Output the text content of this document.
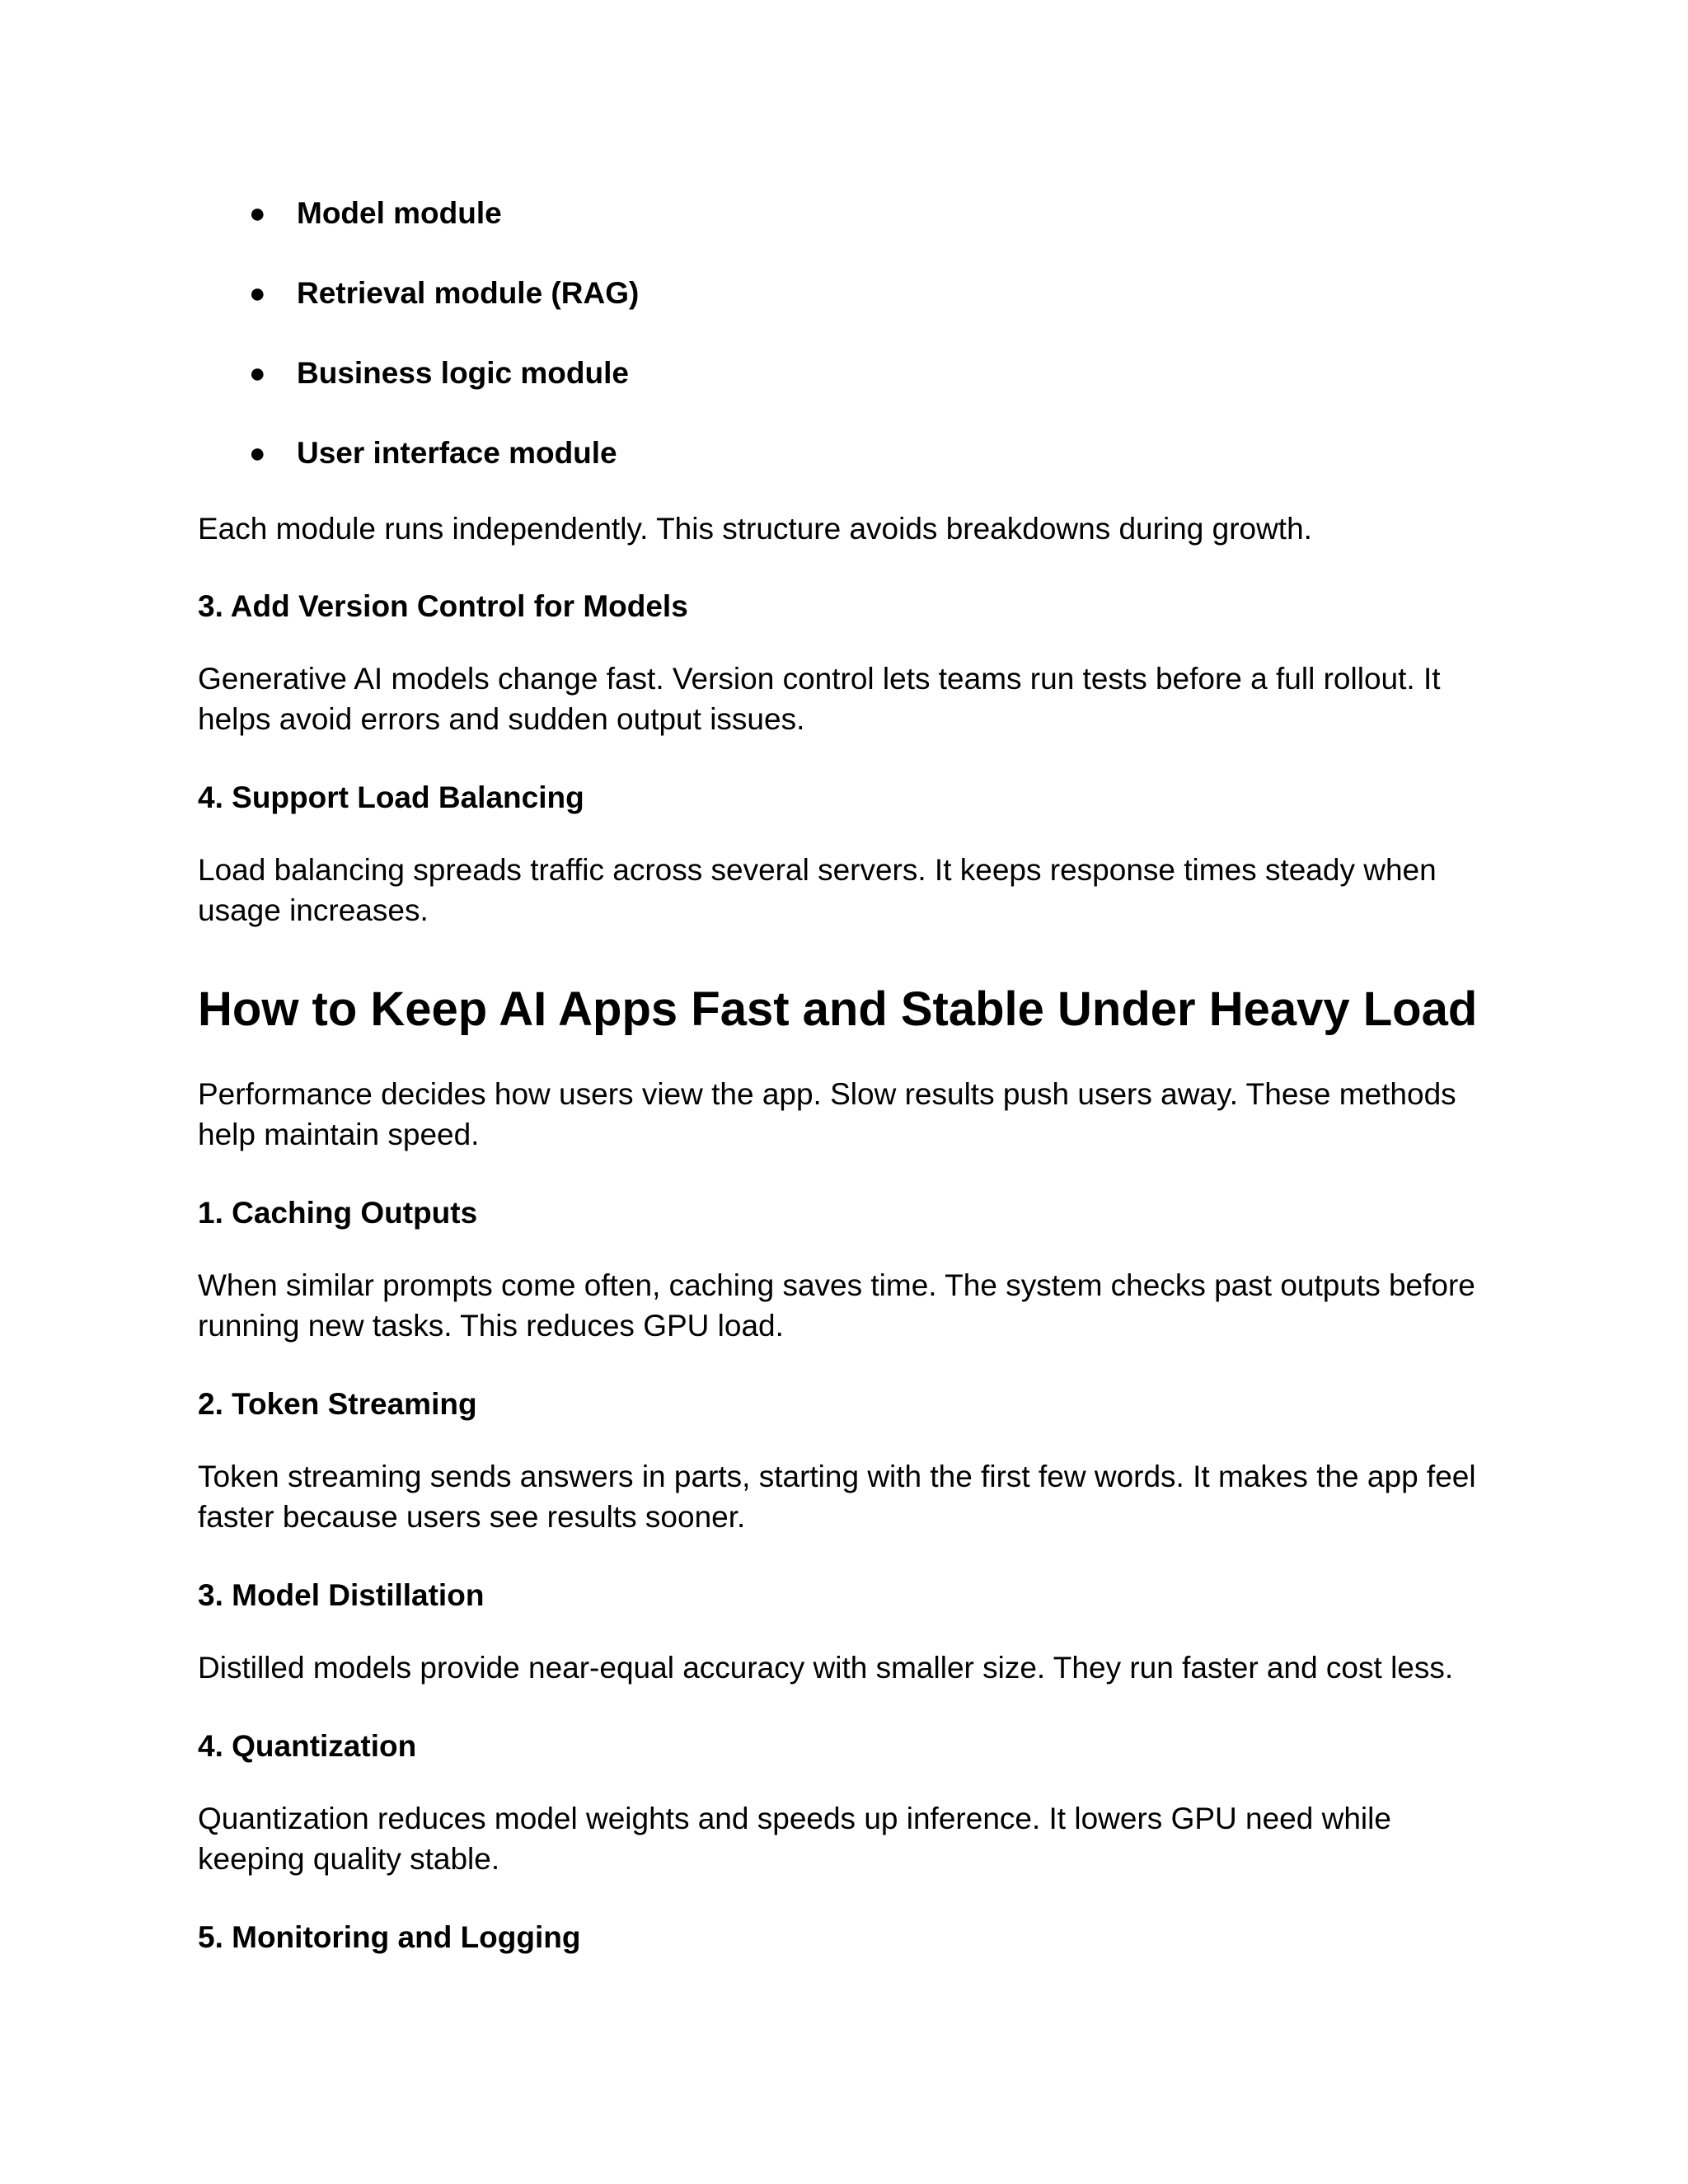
● Model module
● Retrieval module (RAG)
● Business logic module
● User interface module

Each module runs independently. This structure avoids breakdowns during growth.

3. Add Version Control for Models

Generative AI models change fast. Version control lets teams run tests before a full rollout. It helps avoid errors and sudden output issues.

4. Support Load Balancing

Load balancing spreads traffic across several servers. It keeps response times steady when usage increases.

How to Keep AI Apps Fast and Stable Under Heavy Load

Performance decides how users view the app. Slow results push users away. These methods help maintain speed.

1. Caching Outputs

When similar prompts come often, caching saves time. The system checks past outputs before running new tasks. This reduces GPU load.

2. Token Streaming

Token streaming sends answers in parts, starting with the first few words. It makes the app feel faster because users see results sooner.

3. Model Distillation

Distilled models provide near-equal accuracy with smaller size. They run faster and cost less.

4. Quantization

Quantization reduces model weights and speeds up inference. It lowers GPU need while keeping quality stable.

5. Monitoring and Logging
